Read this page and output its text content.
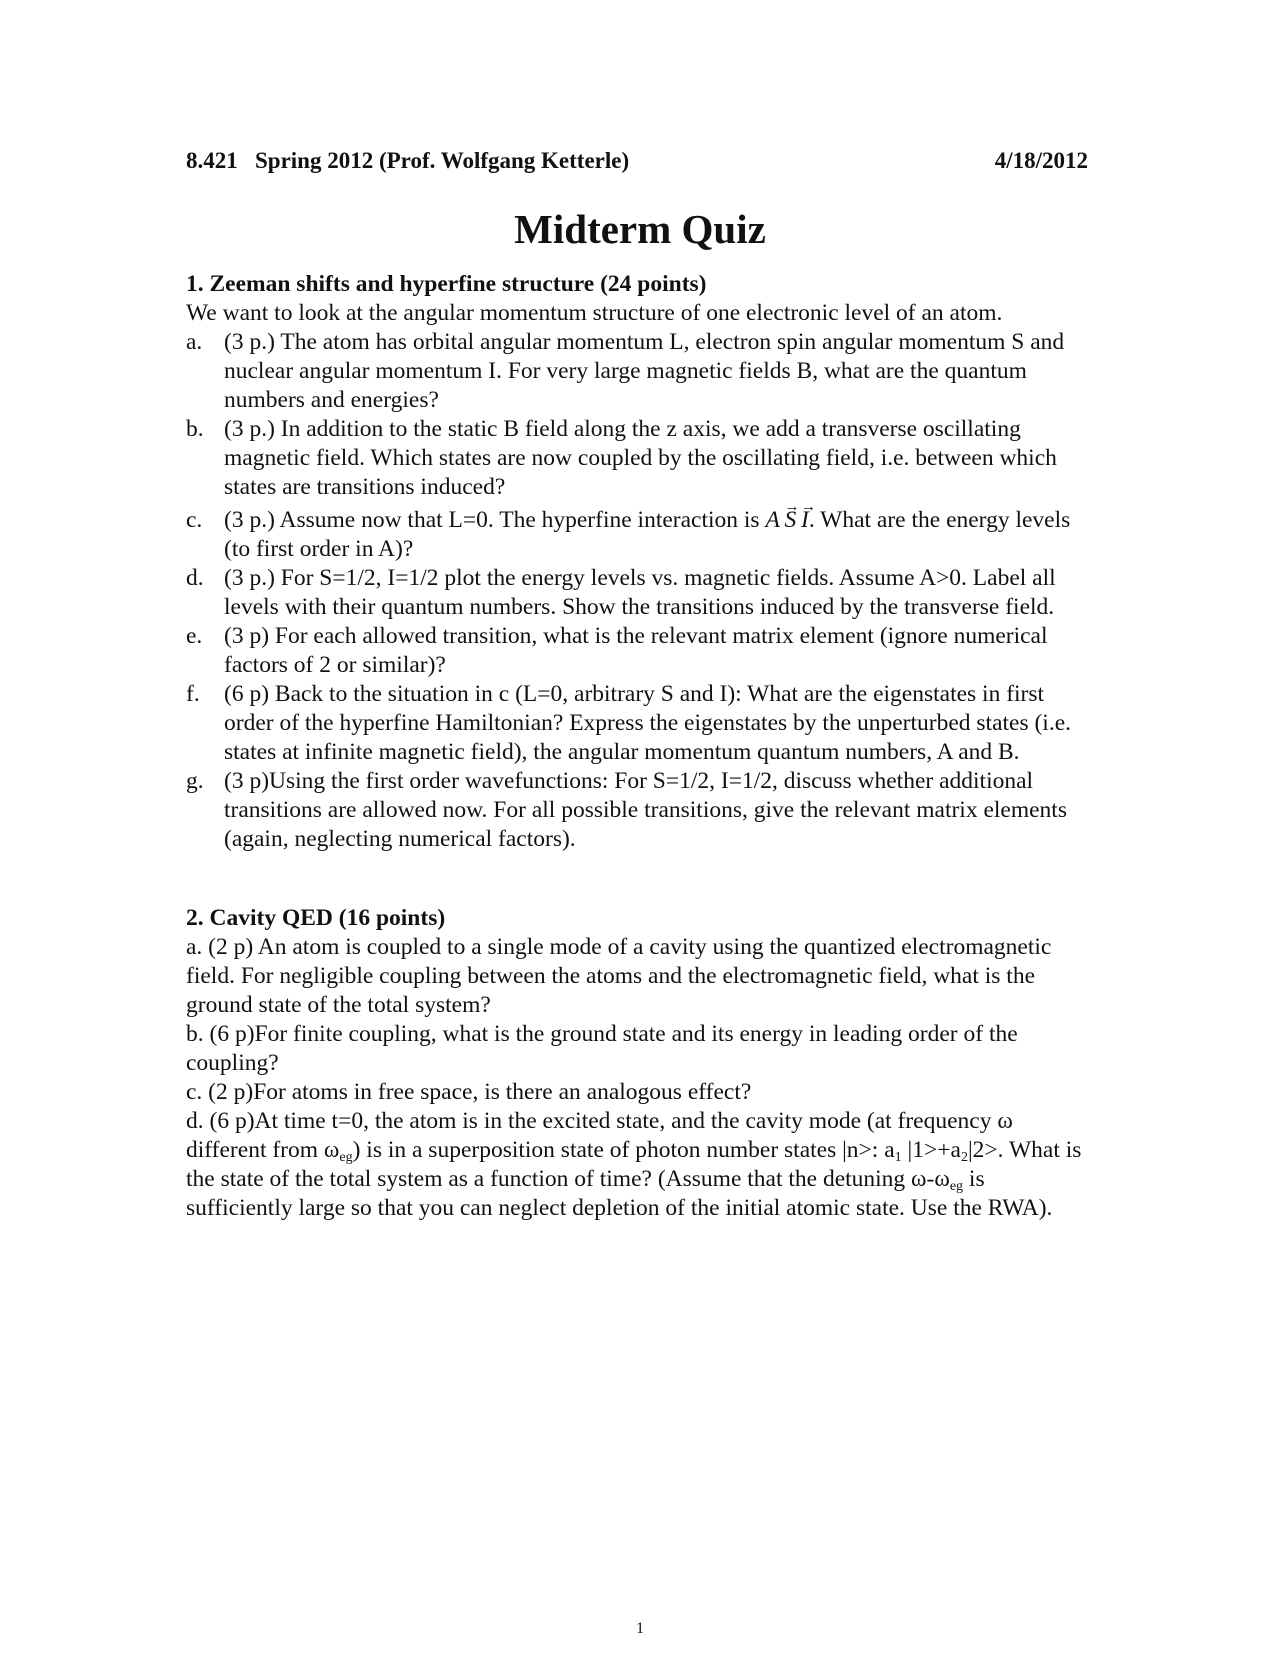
8.421   Spring 2012 (Prof. Wolfgang Ketterle)	4/18/2012
Midterm Quiz
1. Zeeman shifts and hyperfine structure (24 points)
We want to look at the angular momentum structure of one electronic level of an atom.
a. (3 p.) The atom has orbital angular momentum L, electron spin angular momentum S and nuclear angular momentum I. For very large magnetic fields B, what are the quantum numbers and energies?
b. (3 p.) In addition to the static B field along the z axis, we add a transverse oscillating magnetic field. Which states are now coupled by the oscillating field, i.e. between which states are transitions induced?
c. (3 p.) Assume now that L=0. The hyperfine interaction is A  → S  → I. What are the energy levels (to first order in A)?
d. (3 p.) For S=1/2, I=1/2 plot the energy levels vs. magnetic fields. Assume A>0. Label all levels with their quantum numbers. Show the transitions induced by the transverse field.
e. (3 p) For each allowed transition, what is the relevant matrix element (ignore numerical factors of 2 or similar)?
f.	(6 p) Back to the situation in c (L=0, arbitrary S and I): What are the eigenstates in first order of the hyperfine Hamiltonian? Express the eigenstates by the unperturbed states (i.e. states at infinite magnetic field), the angular momentum quantum numbers, A and B.
g. (3 p)Using the first order wavefunctions: For S=1/2, I=1/2, discuss whether additional transitions are allowed now. For all possible transitions, give the relevant matrix elements (again, neglecting numerical factors).
2. Cavity QED (16 points)
a. (2 p) An atom is coupled to a single mode of a cavity using the quantized electromagnetic field. For negligible coupling between the atoms and the electromagnetic field, what is the ground state of the total system?
b. (6 p)For finite coupling, what is the ground state and its energy in leading order of the coupling?
c. (2 p)For atoms in free space, is there an analogous effect?
d. (6 p)At time t=0, the atom is in the excited state, and the cavity mode (at frequency ω different from $\omega_{eg}$) is in a superposition state of photon number states |n>: $a_1$ $|1>+a_2|2>$. What is the state of the total system as a function of time? (Assume that the detuning $\omega-\omega_{eg}$ is sufficiently large so that you can neglect depletion of the initial atomic state. Use the RWA).
1
